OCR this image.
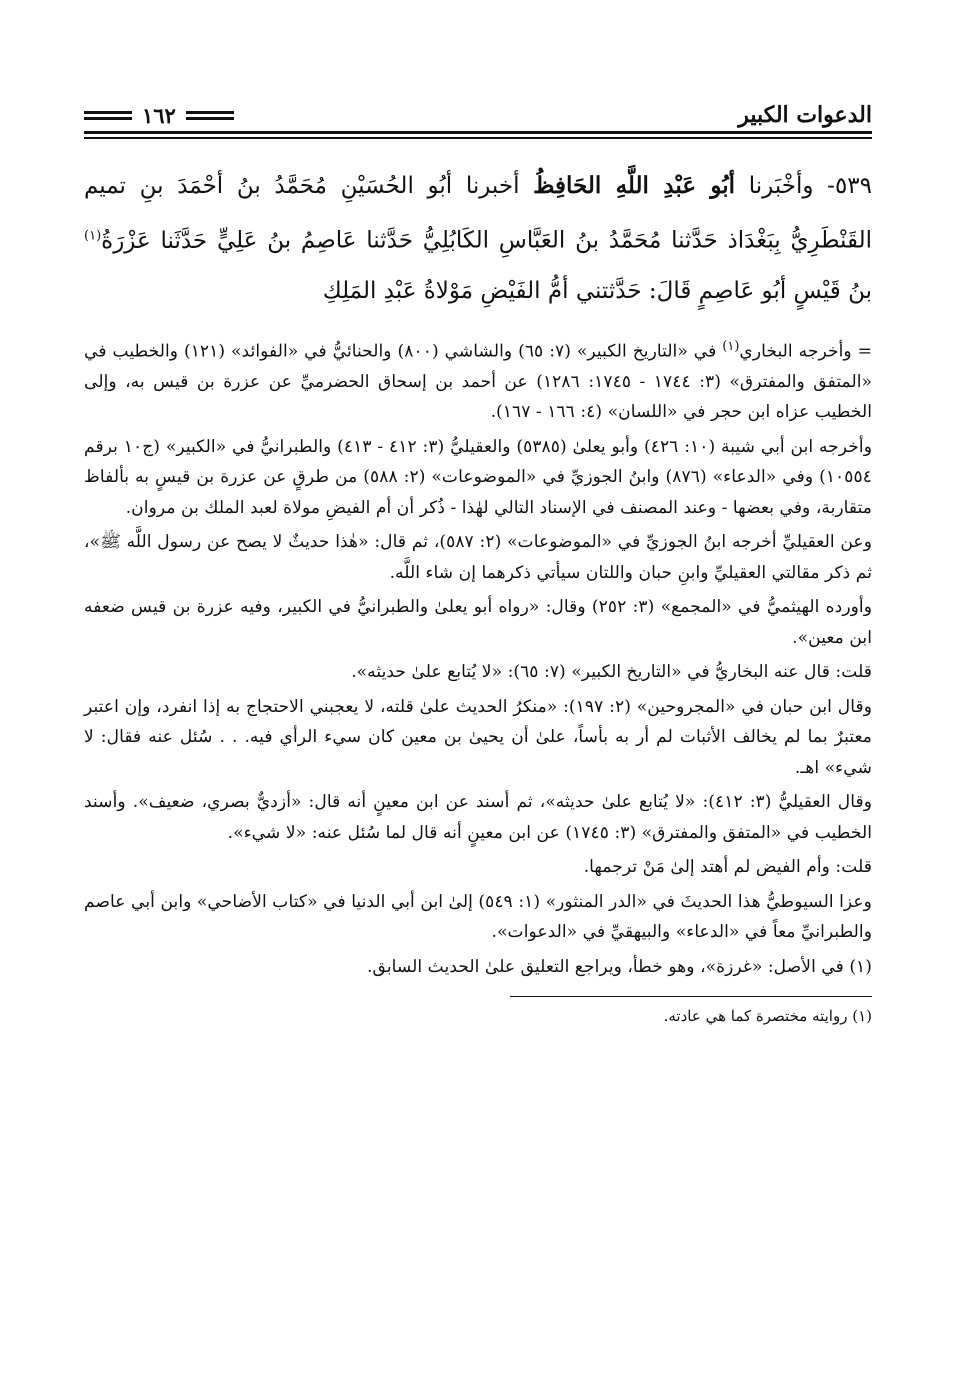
الدعوات الكبير
١٦٢
٥٣٩- وأخْبَرنا أبُو عَبْدِ اللَّهِ الحَافِظُ أخبرنا أبُو الحُسَيْنِ مُحَمَّدُ بنُ أحْمَدَ بنِ تميم القَنْطَرِيُّ بِبَغْدَاذ حَدَّثنا مُحَمَّدُ بنُ العَبَّاسِ الكَابُلِيُّ حَدَّثنا عَاصِمُ بنُ عَلِيٍّ حَدَّثَنا عَزْرَةُ$^{(١)}$ بنُ قَيْسٍ أبُو عَاصِمٍ قَالَ: حَدَّثتني أمُّ الفَيْضِ مَوْلاةُ عَبْدِ المَلِكِ

= وأخرجه البخاري$^{(١)}$ في «التاريخ الكبير» (٧: ٦٥) والشاشي (٨٠٠) والحنائيُّ في «الفوائد» (١٢١) والخطيب في «المتفق والمفترق» (٣: ١٧٤٤ - ١٧٤٥: ١٢٨٦) عن أحمد بن إسحاق الحضرميِّ عن عزرة بن قيس به، وإلى الخطيب عزاه ابن حجر في «اللسان» (٤: ١٦٦ - ١٦٧).

وأخرجه ابن أبي شيبة (١٠: ٤٢٦) وأبو يعلىٰ (٥٣٨٥) والعقيليُّ (٣: ٤١٢ - ٤١٣) والطبرانيُّ في «الكبير» (ج١٠ برقم ١٠٥٥٤) وفي «الدعاء» (٨٧٦) وابنُ الجوزيِّ في «الموضوعات» (٢: ٥٨٨) من طرقٍ عن عزرة بن قيسٍ به بألفاظ متقاربة، وفي بعضها - وعند المصنف في الإسناد التالي لهٰذا - ذُكر أن أم الفيضِ مولاة لعبد الملك بن مروان.

وعن العقيليِّ أخرجه ابنُ الجوزيِّ في «الموضوعات» (٢: ٥٨٧)، ثم قال: «هٰذا حديثٌ لا يصح عن رسول اللَّه ﷺ»، ثم ذكر مقالتي العقيليِّ وابنِ حبان واللتان سيأتي ذكرهما إن شاء اللَّه.

وأورده الهيثميُّ في «المجمع» (٣: ٢٥٢) وقال: «رواه أبو يعلىٰ والطبرانيُّ في الكبير، وفيه عزرة بن قيس ضعفه ابن معين».

قلت: قال عنه البخاريُّ في «التاريخ الكبير» (٧: ٦٥): «لا يُتابع علىٰ حديثه».

وقال ابن حبان في «المجروحين» (٢: ١٩٧): «منكرُ الحديث علىٰ قلته، لا يعجبني الاحتجاج به إذا انفرد، وإن اعتبر معتبرٌ بما لم يخالف الأثبات لم أر به بأساً، علىٰ أن يحيىٰ بن معين كان سيء الرأي فيه. . . سُئل عنه فقال: لا شيء» اهـ.

وقال العقيليُّ (٣: ٤١٢): «لا يُتابع علىٰ حديثه»، ثم أسند عن ابن معينٍ أنه قال: «أزديٌّ بصري، ضعيف». وأسند الخطيب في «المتفق والمفترق» (٣: ١٧٤٥) عن ابن معينٍ أنه قال لما سُئل عنه: «لا شيء».

قلت: وأم الفيض لم أهتد إلىٰ مَنْ ترجمها.

وعزا السيوطيُّ هذا الحديثَ في «الدر المنثور» (١: ٥٤٩) إلىٰ ابن أبي الدنيا في «كتاب الأضاحي» وابن أبي عاصم والطبرانيِّ معاً في «الدعاء» والبيهقيِّ في «الدعوات».

(١) في الأصل: «غرزة»، وهو خطأ، ويراجع التعليق علىٰ الحديث السابق.

(١) روايته مختصرة كما هي عادته.
